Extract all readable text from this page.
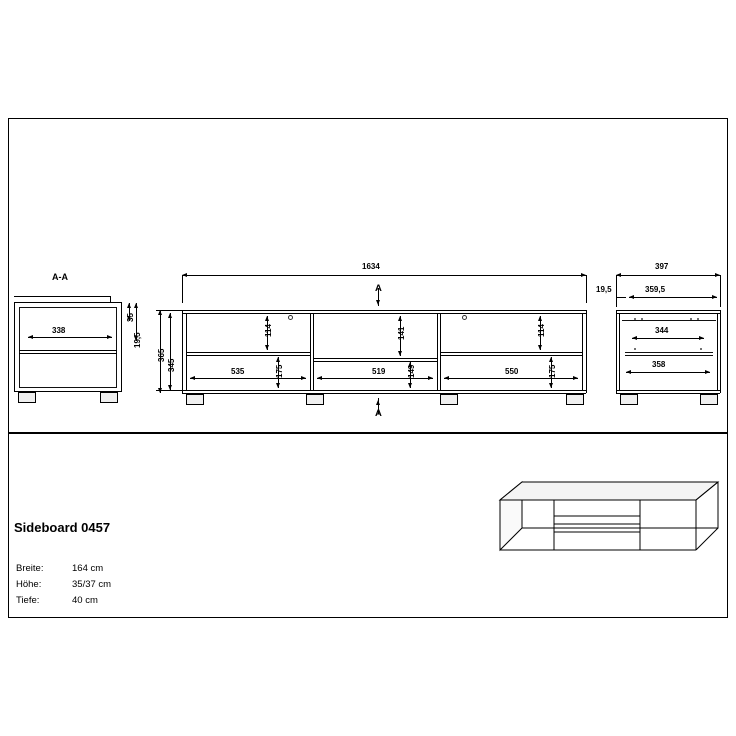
A-A
338
35
19,5
1634
365
345	535	519	550
114	141	114
175	149	175
A
A
397
359,5
19,5
344
358
Sideboard 0457
Breite:	164 cm
Höhe:	35/37 cm
Tiefe:	40 cm
